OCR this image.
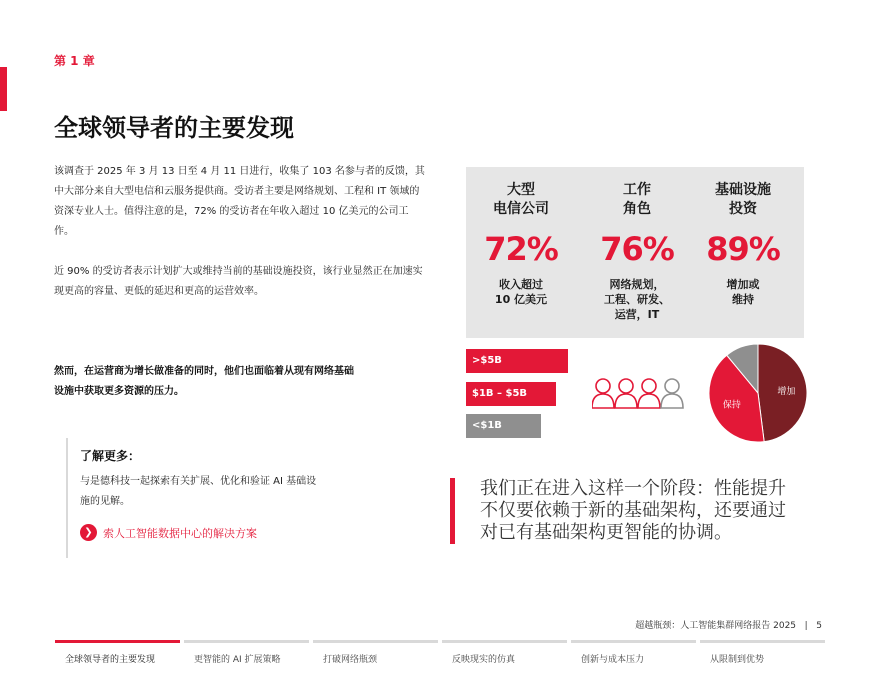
第 1 章
全球领导者的主要发现

该调查于 2025 年 3 月 13 日至 4 月 11 日进行，收集了 103 名参与者的反馈，其中大部分来自大型电信和云服务提供商。受访者主要是网络规划、工程和 IT 领域的资深专业人士。值得注意的是，72% 的受访者在年收入超过 10 亿美元的公司工作。

近 90% 的受访者表示计划扩大或维持当前的基础设施投资，该行业显然正在加速实现更高的容量、更低的延迟和更高的运营效率。

然而，在运营商为增长做准备的同时，他们也面临着从现有网络基础设施中获取更多资源的压力。

了解更多：

与是德科技一起探索有关扩展、优化和验证 AI 基础设施的见解。

❯ 索人工智能数据中心的解决方案
大型
电信公司
72%
收入超过
10 亿美元
工作
角色
76%
网络规划，
工程、研发、
运营，IT
基础设施
投资
89%
增加或
维持
>$5B
$1B – $5B
<$1B
增加
保持

我们正在进入这样一个阶段：性能提升不仅要依赖于新的基础架构，还要通过对已有基础架构更智能的协调。

超越瓶颈：人工智能集群网络报告 2025   |   5
全球领导者的主要发现	更智能的 AI 扩展策略	打破网络瓶颈	反映现实的仿真	创新与成本压力	从限制到优势
